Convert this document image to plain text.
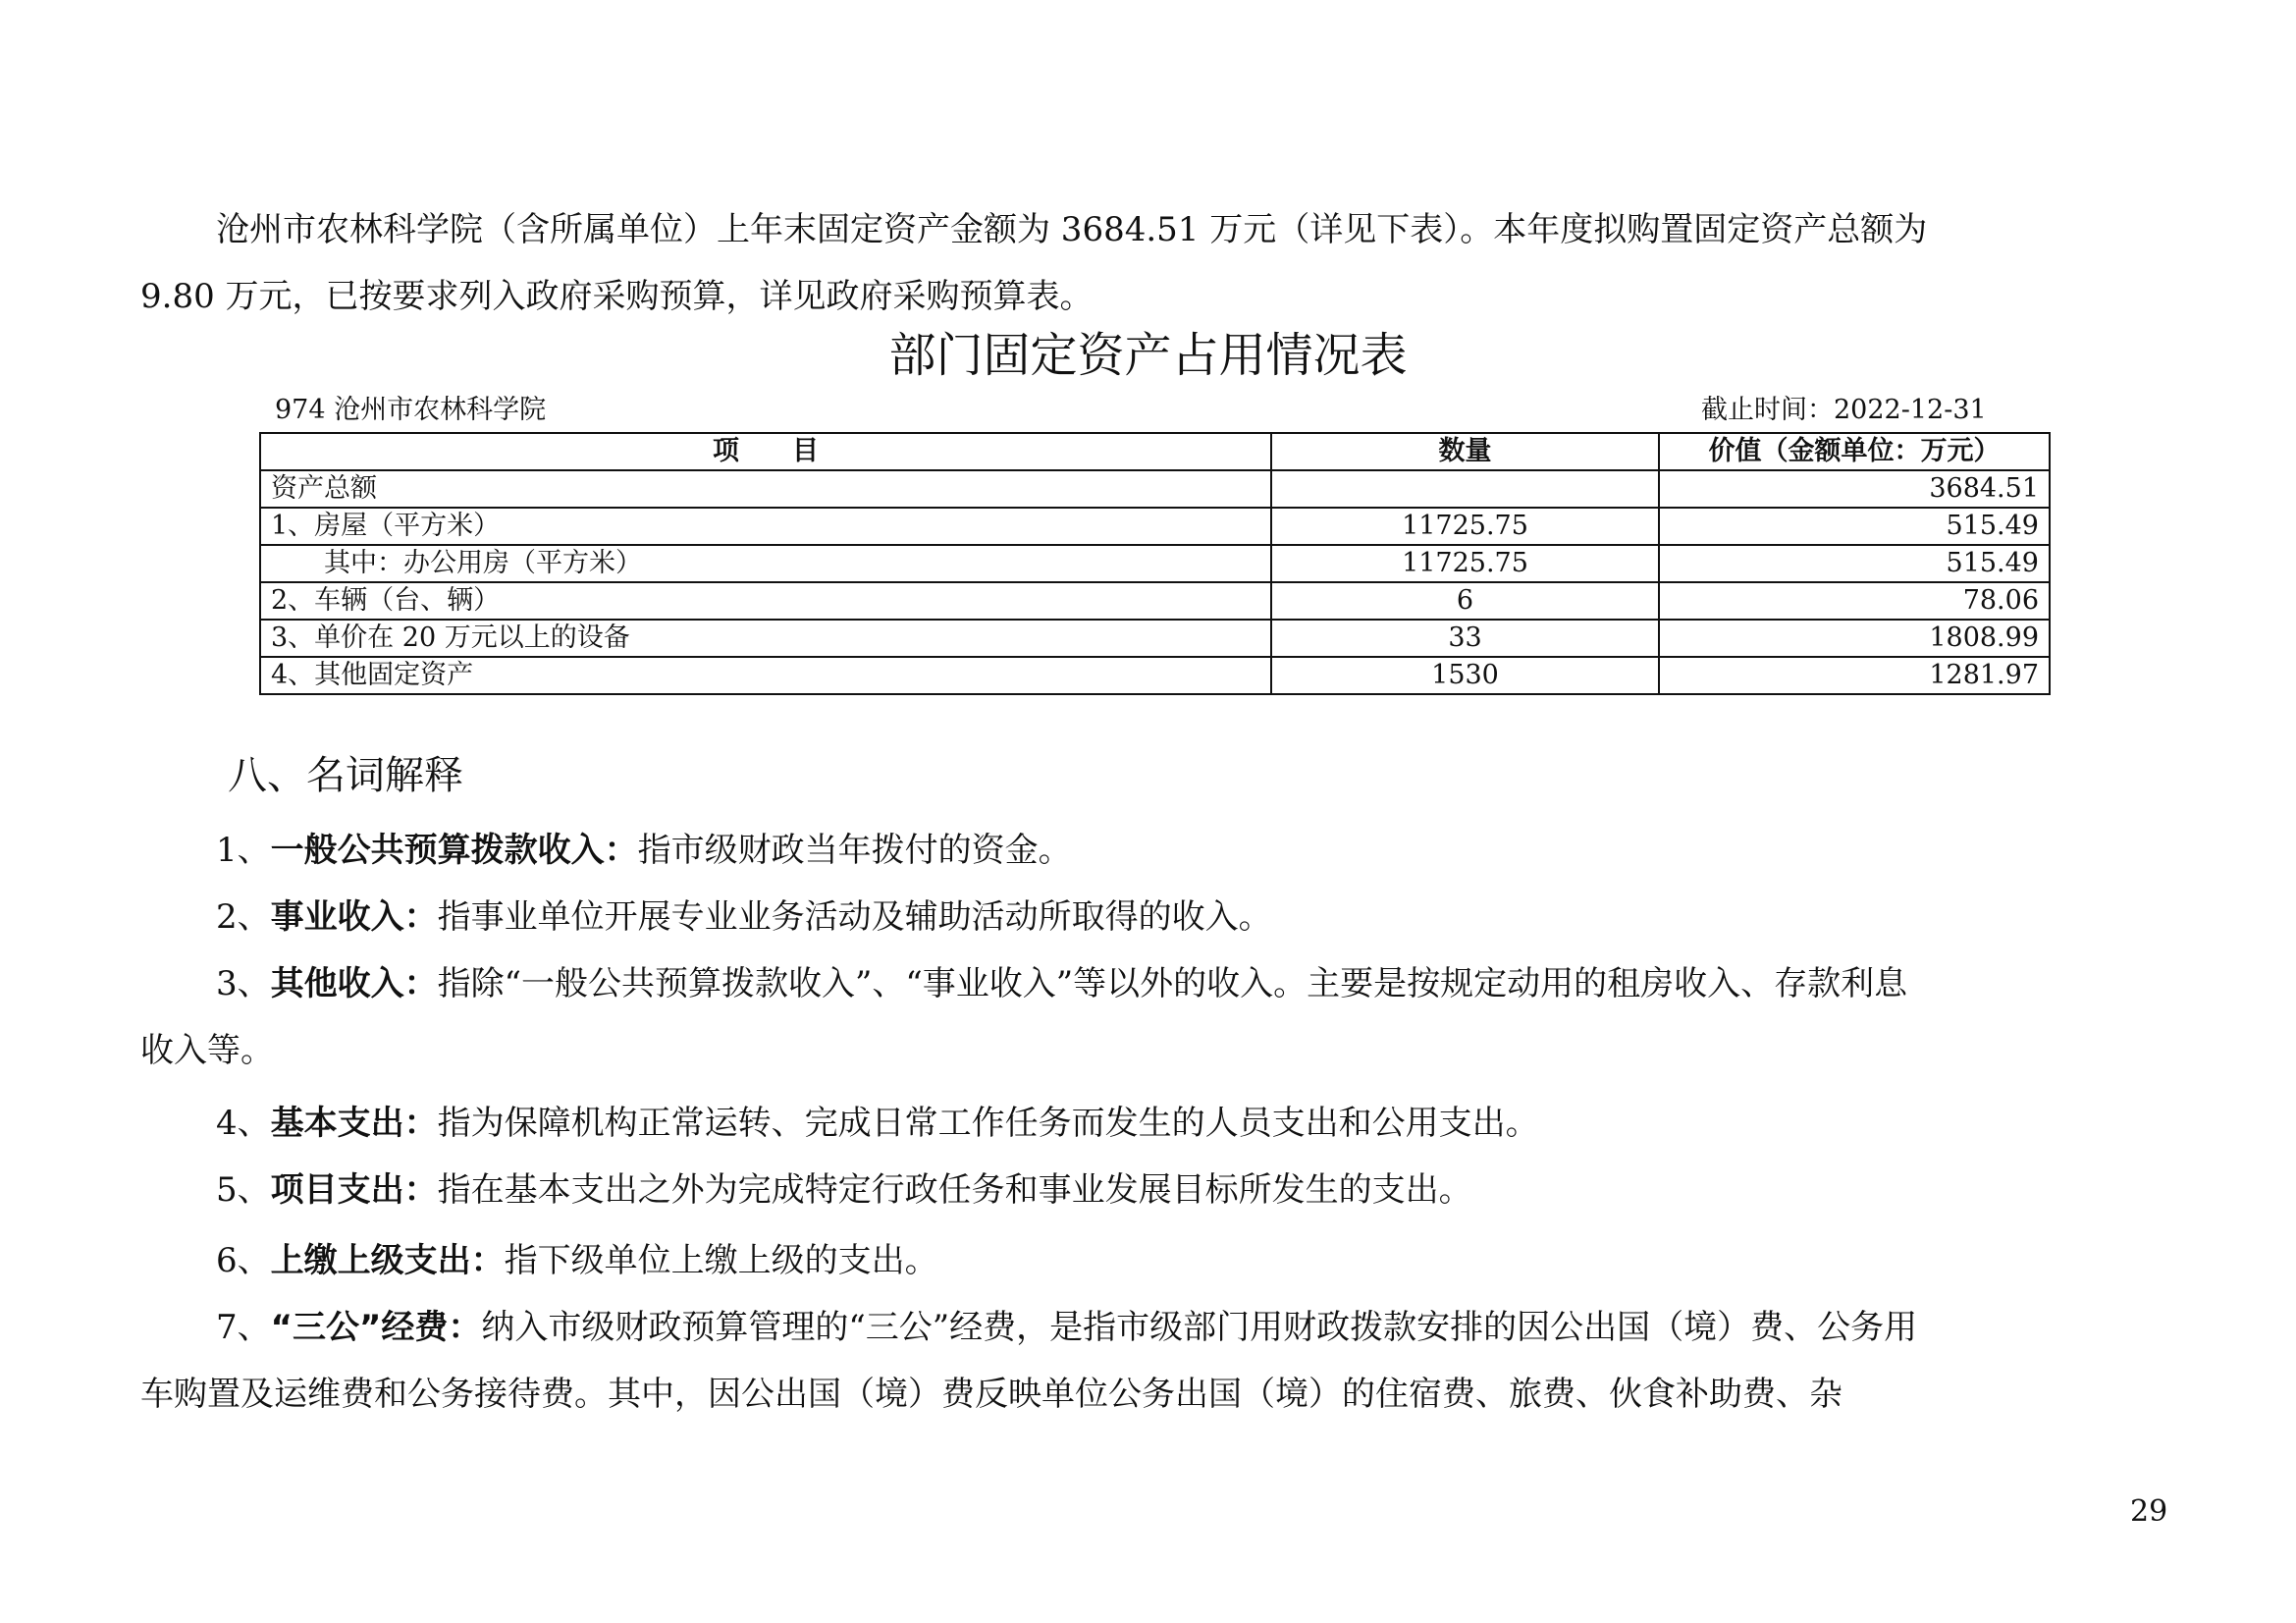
沧州市农林科学院（含所属单位）上年末固定资产金额为 3684.51 万元（详见下表）。本年度拟购置固定资产总额为
9.80 万元，已按要求列入政府采购预算，详见政府采购预算表。
部门固定资产占用情况表
974 沧州市农林科学院	截止时间：2022-12-31
项　　目	数量	价值（金额单位：万元）
资产总额		3684.51
1、房屋（平方米）	11725.75	515.49
　　其中：办公用房（平方米）	11725.75	515.49
2、车辆（台、辆）	6	78.06
3、单价在 20 万元以上的设备	33	1808.99
4、其他固定资产	1530	1281.97
八、名词解释
1、一般公共预算拨款收入：指市级财政当年拨付的资金。
2、事业收入：指事业单位开展专业业务活动及辅助活动所取得的收入。
3、其他收入：指除“一般公共预算拨款收入”、“事业收入”等以外的收入。主要是按规定动用的租房收入、存款利息
收入等。
4、基本支出：指为保障机构正常运转、完成日常工作任务而发生的人员支出和公用支出。
5、项目支出：指在基本支出之外为完成特定行政任务和事业发展目标所发生的支出。
6、上缴上级支出：指下级单位上缴上级的支出。
7、“三公”经费：纳入市级财政预算管理的“三公”经费，是指市级部门用财政拨款安排的因公出国（境）费、公务用
车购置及运维费和公务接待费。其中，因公出国（境）费反映单位公务出国（境）的住宿费、旅费、伙食补助费、杂
29
